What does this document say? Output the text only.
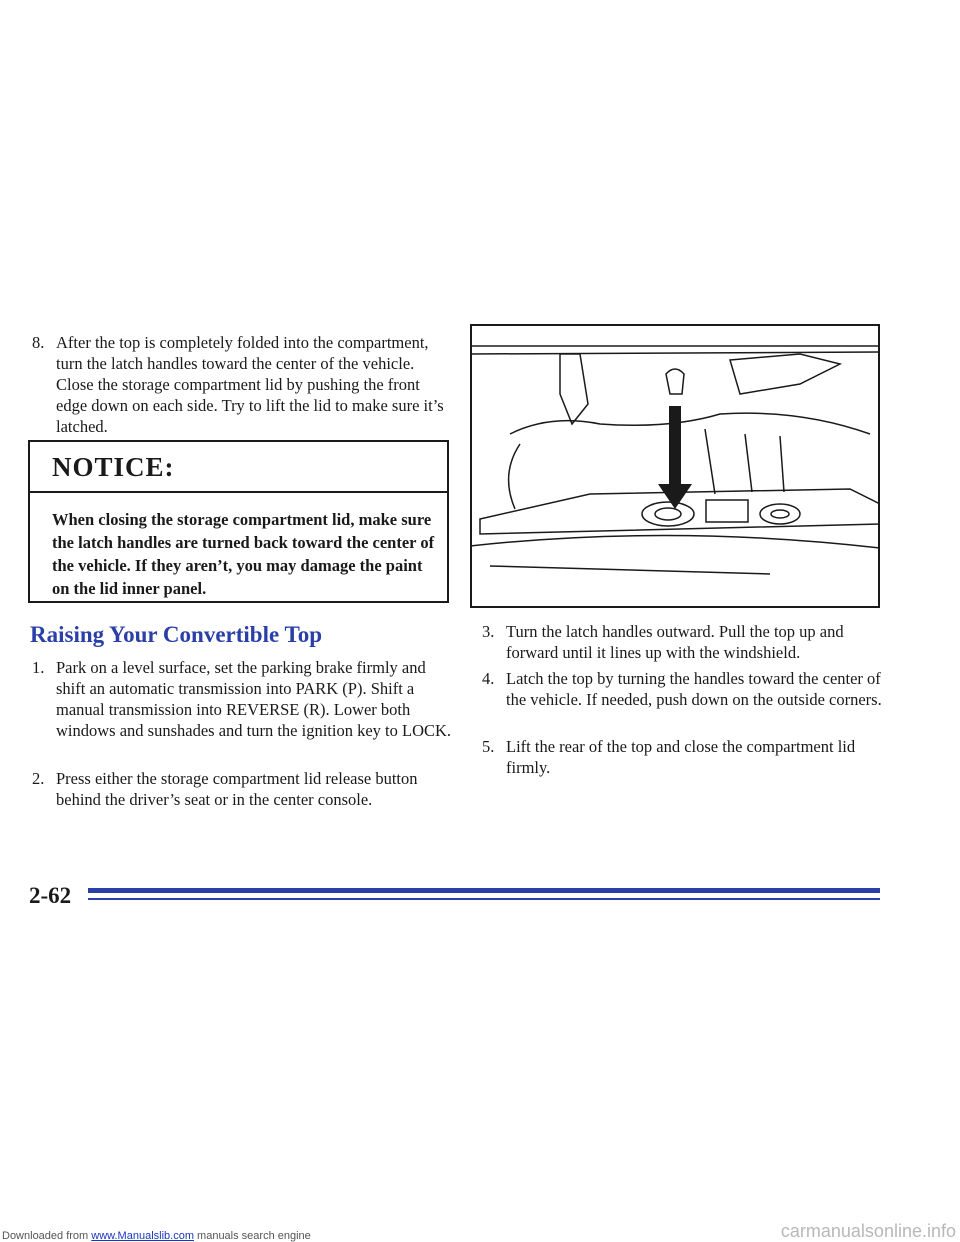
8. After the top is completely folded into the compartment, turn the latch handles toward the center of the vehicle. Close the storage compartment lid by pushing the front edge down on each side. Try to lift the lid to make sure it’s latched.
NOTICE:
When closing the storage compartment lid, make sure the latch handles are turned back toward the center of the vehicle. If they aren’t, you may damage the paint on the lid inner panel.
Raising Your Convertible Top
1. Park on a level surface, set the parking brake firmly and shift an automatic transmission into PARK (P). Shift a manual transmission into REVERSE (R). Lower both windows and sunshades and turn the ignition key to LOCK.
2. Press either the storage compartment lid release button behind the driver’s seat or in the center console.
3. Turn the latch handles outward. Pull the top up and forward until it lines up with the windshield.
4. Latch the top by turning the handles toward the center of the vehicle. If needed, push down on the outside corners.
5. Lift the rear of the top and close the compartment lid firmly.
2-62
Downloaded from www.Manualslib.com manuals search engine	carmanualsonline.info
